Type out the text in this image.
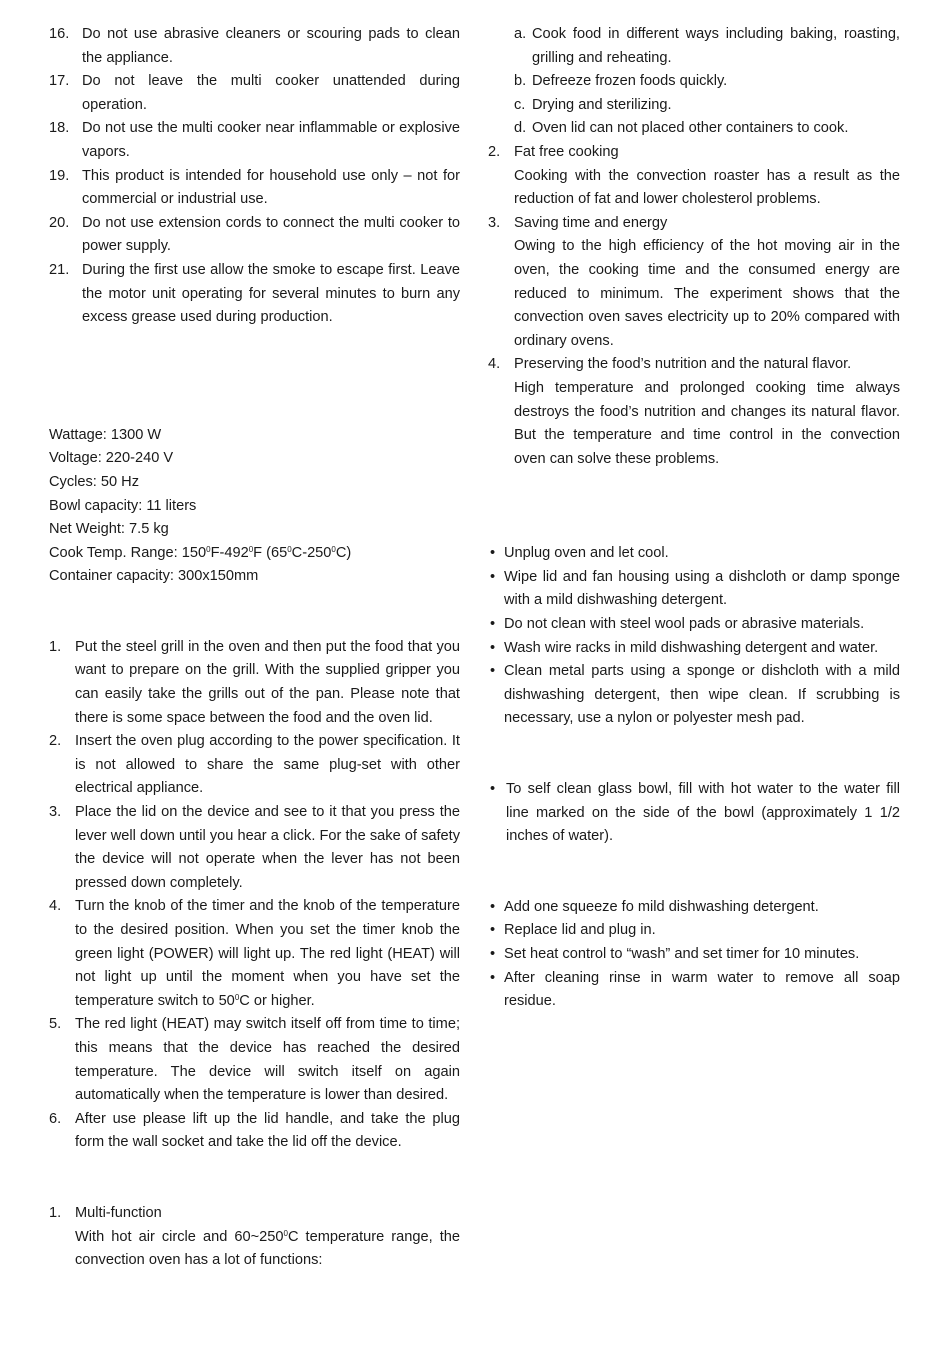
16. Do not use abrasive cleaners or scouring pads to clean the appliance.
17. Do not leave the multi cooker unattended during operation.
18. Do not use the multi cooker near inflammable or explosive vapors.
19. This product is intended for household use only – not for commercial or industrial use.
20. Do not use extension cords to connect the multi cooker to power supply.
21. During the first use allow the smoke to escape first. Leave the motor unit operating for several minutes to burn any excess grease used during production.

Wattage: 1300 W

Voltage: 220-240 V

Cycles: 50 Hz

Bowl capacity: 11 liters

Net Weight: 7.5 kg

Cook Temp. Range: $150^0F-492^0F$ $(65^0C-250^0C)$

Container capacity: 300x150mm

1. Put the steel grill in the oven and then put the food that you want to prepare on the grill. With the supplied gripper you can easily take the grills out of the pan. Please note that there is some space between the food and the oven lid.
2. Insert the oven plug according to the power specification. It is not allowed to share the same plug-set with other electrical appliance.
3. Place the lid on the device and see to it that you press the lever well down until you hear a click. For the sake of safety the device will not operate when the lever has not been pressed down completely.
4. Turn the knob of the timer and the knob of the temperature to the desired position. When you set the timer knob the green light (POWER) will light up. The red light (HEAT) will not light up until the moment when you have set the temperature switch to $50^0C$ or higher.
5. The red light (HEAT) may switch itself off from time to time; this means that the device has reached the desired temperature. The device will switch itself on again automatically when the temperature is lower than desired.
6. After use please lift up the lid handle, and take the plug form the wall socket and take the lid off the device.
1. Multi-function

With hot air circle and $60\sim 250^0C$ temperature range, the convection oven has a lot of functions:

a. Cook food in different ways including baking, roasting, grilling and reheating.
b. Defreeze frozen foods quickly.
c. Drying and sterilizing.
d. Oven lid can not placed other containers to cook.
2. Fat free cooking

Cooking with the convection roaster has a result as the reduction of fat and lower cholesterol problems.

3. Saving time and energy

Owing to the high efficiency of the hot moving air in the oven, the cooking time and the consumed energy are reduced to minimum. The experiment shows that the convection oven saves electricity up to 20% compared with ordinary ovens.

4. Preserving the food’s nutrition and the natural flavor.

High temperature and prolonged cooking time always destroys the food’s nutrition and changes its natural flavor. But the temperature and time control in the convection oven can solve these problems.

• Unplug oven and let cool.
• Wipe lid and fan housing using a dishcloth or damp sponge with a mild dishwashing detergent.
• Do not clean with steel wool pads or abrasive materials.
• Wash wire racks in mild dishwashing detergent and water.
• Clean metal parts using a sponge or dishcloth with a mild dishwashing detergent, then wipe clean. If scrubbing is necessary, use a nylon or polyester mesh pad.
• To self clean glass bowl, fill with hot water to the water fill line marked on the side of the bowl (approximately 1 1/2 inches of water).
• Add one squeeze fo mild dishwashing detergent.
• Replace lid and plug in.
• Set heat control to “wash” and set timer for 10 minutes.
• After cleaning rinse in warm water to remove all soap residue.
